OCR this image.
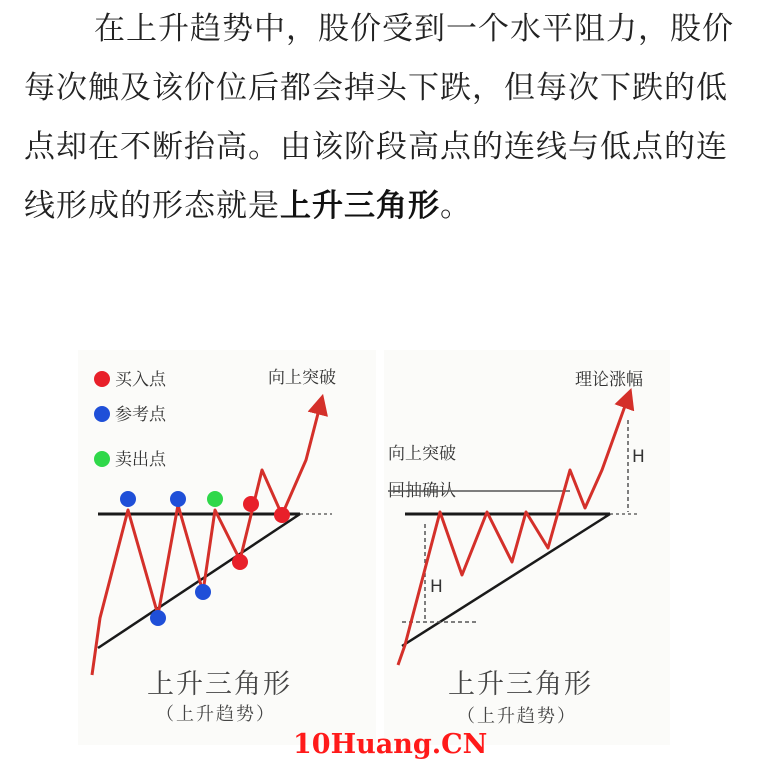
在上升趋势中，股价受到一个水平阻力，股价每次触及该价位后都会掉头下跌，但每次下跌的低点却在不断抬高。由该阶段高点的连线与低点的连线形成的形态就是上升三角形。

买入点
参考点
卖出点
向上突破
上升三角形
（上升趋势）
理论涨幅
向上突破
回抽确认
H
H
上升三角形
（上升趋势）
10Huang.CN
